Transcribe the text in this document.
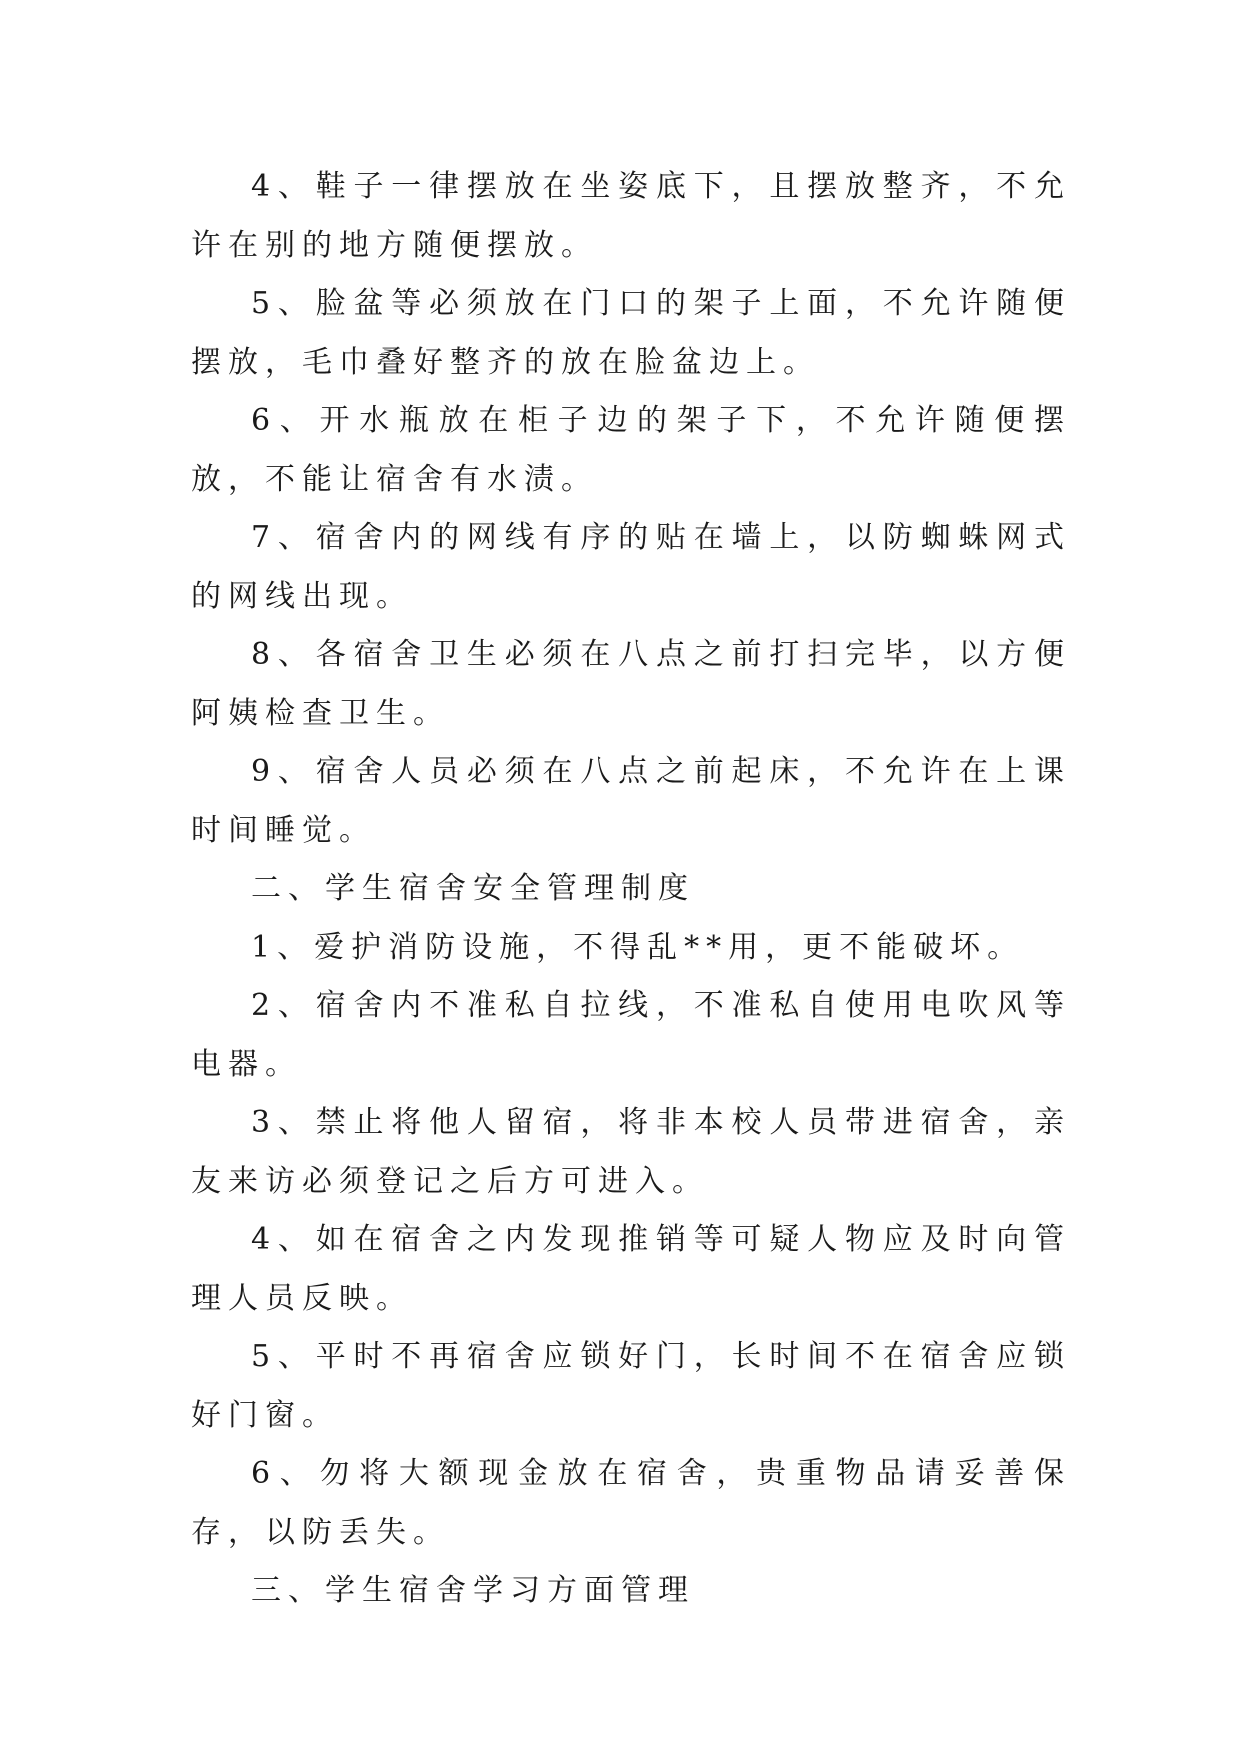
4、鞋子一律摆放在坐姿底下，且摆放整齐，不允许在别的地方随便摆放。

5、脸盆等必须放在门口的架子上面，不允许随便摆放，毛巾叠好整齐的放在脸盆边上。

6、开水瓶放在柜子边的架子下，不允许随便摆放，不能让宿舍有水渍。

7、宿舍内的网线有序的贴在墙上，以防蜘蛛网式的网线出现。

8、各宿舍卫生必须在八点之前打扫完毕，以方便阿姨检查卫生。

9、宿舍人员必须在八点之前起床，不允许在上课时间睡觉。

二、学生宿舍安全管理制度

1、爱护消防设施，不得乱**用，更不能破坏。

2、宿舍内不准私自拉线，不准私自使用电吹风等电器。

3、禁止将他人留宿，将非本校人员带进宿舍，亲友来访必须登记之后方可进入。

4、如在宿舍之内发现推销等可疑人物应及时向管理人员反映。

5、平时不再宿舍应锁好门，长时间不在宿舍应锁好门窗。

6、勿将大额现金放在宿舍，贵重物品请妥善保存，以防丢失。

三、学生宿舍学习方面管理
